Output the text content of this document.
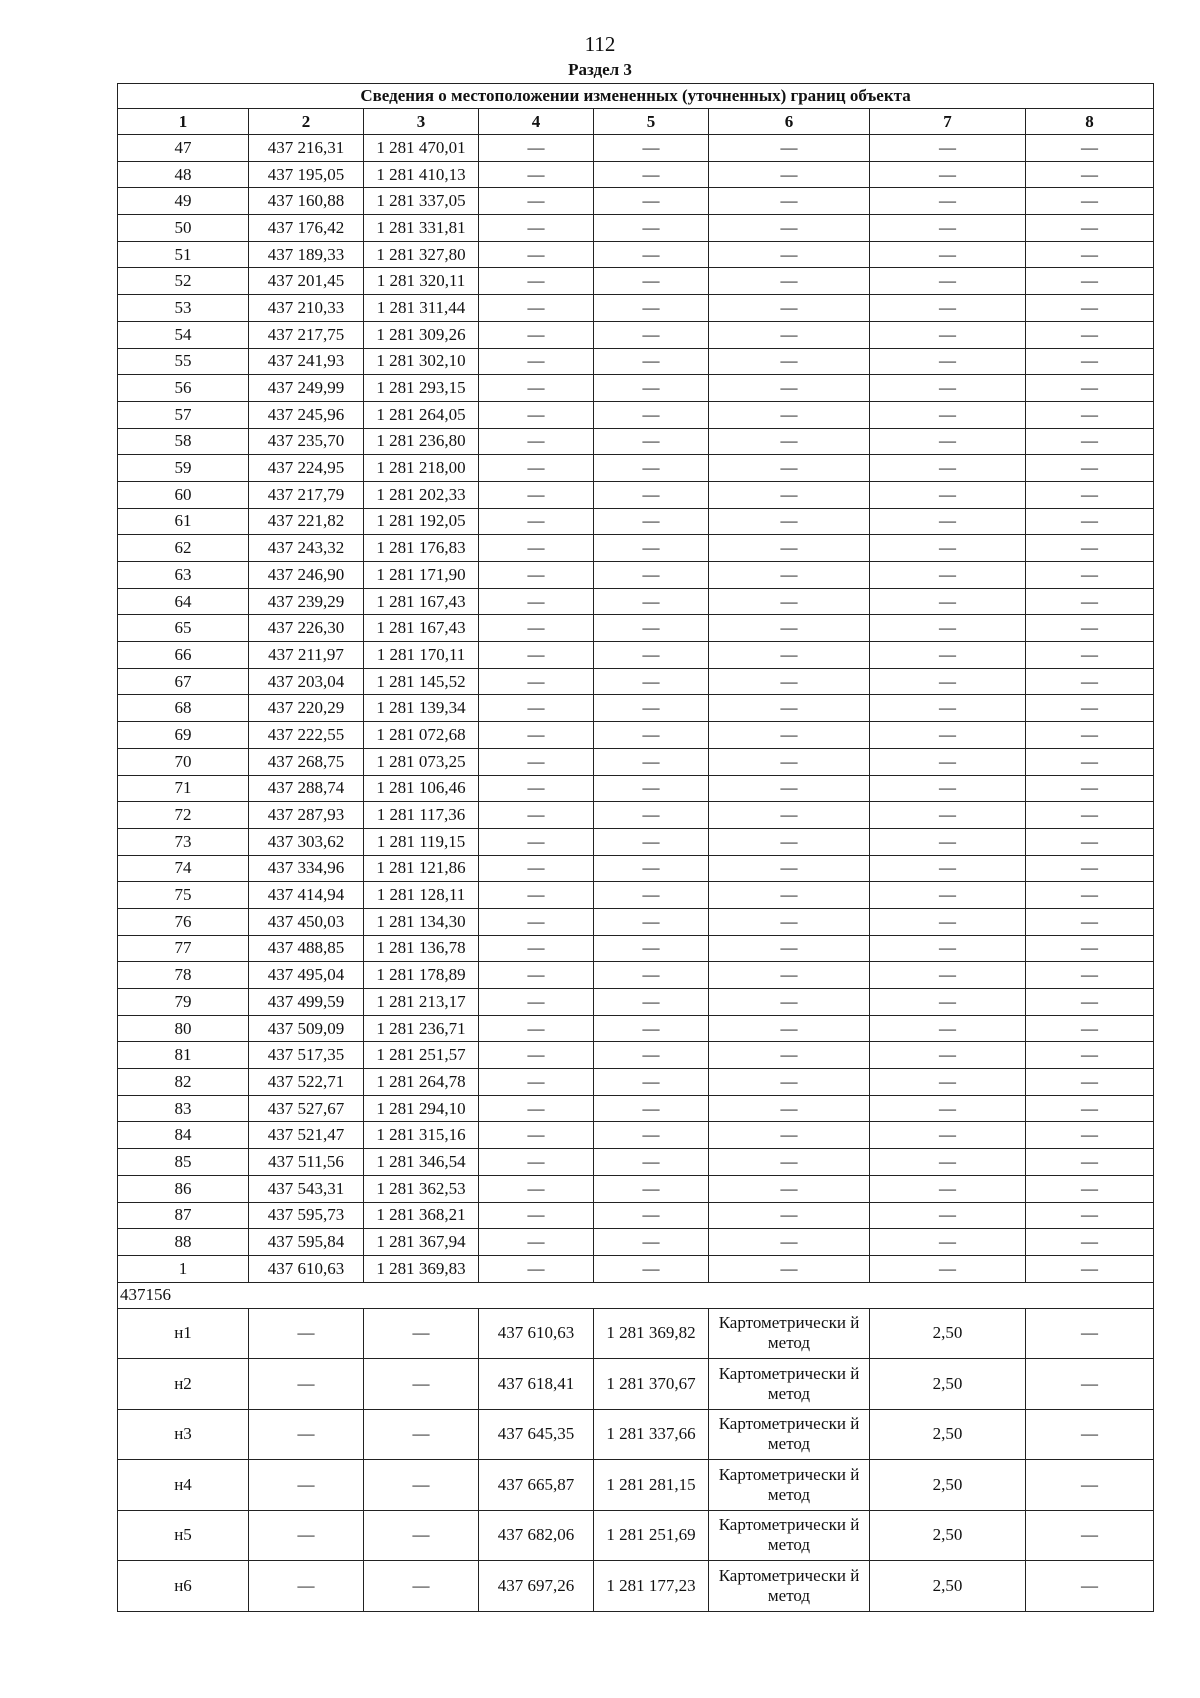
112
Раздел 3
Сведения о местоположении измененных (уточненных) границ объекта							
1	2	3	4	5	6	7	8
47	437 216,31	1 281 470,01	—	—	—	—	—
48	437 195,05	1 281 410,13	—	—	—	—	—
49	437 160,88	1 281 337,05	—	—	—	—	—
50	437 176,42	1 281 331,81	—	—	—	—	—
51	437 189,33	1 281 327,80	—	—	—	—	—
52	437 201,45	1 281 320,11	—	—	—	—	—
53	437 210,33	1 281 311,44	—	—	—	—	—
54	437 217,75	1 281 309,26	—	—	—	—	—
55	437 241,93	1 281 302,10	—	—	—	—	—
56	437 249,99	1 281 293,15	—	—	—	—	—
57	437 245,96	1 281 264,05	—	—	—	—	—
58	437 235,70	1 281 236,80	—	—	—	—	—
59	437 224,95	1 281 218,00	—	—	—	—	—
60	437 217,79	1 281 202,33	—	—	—	—	—
61	437 221,82	1 281 192,05	—	—	—	—	—
62	437 243,32	1 281 176,83	—	—	—	—	—
63	437 246,90	1 281 171,90	—	—	—	—	—
64	437 239,29	1 281 167,43	—	—	—	—	—
65	437 226,30	1 281 167,43	—	—	—	—	—
66	437 211,97	1 281 170,11	—	—	—	—	—
67	437 203,04	1 281 145,52	—	—	—	—	—
68	437 220,29	1 281 139,34	—	—	—	—	—
69	437 222,55	1 281 072,68	—	—	—	—	—
70	437 268,75	1 281 073,25	—	—	—	—	—
71	437 288,74	1 281 106,46	—	—	—	—	—
72	437 287,93	1 281 117,36	—	—	—	—	—
73	437 303,62	1 281 119,15	—	—	—	—	—
74	437 334,96	1 281 121,86	—	—	—	—	—
75	437 414,94	1 281 128,11	—	—	—	—	—
76	437 450,03	1 281 134,30	—	—	—	—	—
77	437 488,85	1 281 136,78	—	—	—	—	—
78	437 495,04	1 281 178,89	—	—	—	—	—
79	437 499,59	1 281 213,17	—	—	—	—	—
80	437 509,09	1 281 236,71	—	—	—	—	—
81	437 517,35	1 281 251,57	—	—	—	—	—
82	437 522,71	1 281 264,78	—	—	—	—	—
83	437 527,67	1 281 294,10	—	—	—	—	—
84	437 521,47	1 281 315,16	—	—	—	—	—
85	437 511,56	1 281 346,54	—	—	—	—	—
86	437 543,31	1 281 362,53	—	—	—	—	—
87	437 595,73	1 281 368,21	—	—	—	—	—
88	437 595,84	1 281 367,94	—	—	—	—	—
1	437 610,63	1 281 369,83	—	—	—	—	—
437156							
н1	—	—	437 610,63	1 281 369,82	Картометрически й метод	2,50	—
н2	—	—	437 618,41	1 281 370,67	Картометрически й метод	2,50	—
н3	—	—	437 645,35	1 281 337,66	Картометрически й метод	2,50	—
н4	—	—	437 665,87	1 281 281,15	Картометрически й метод	2,50	—
н5	—	—	437 682,06	1 281 251,69	Картометрически й метод	2,50	—
н6	—	—	437 697,26	1 281 177,23	Картометрически й метод	2,50	—
